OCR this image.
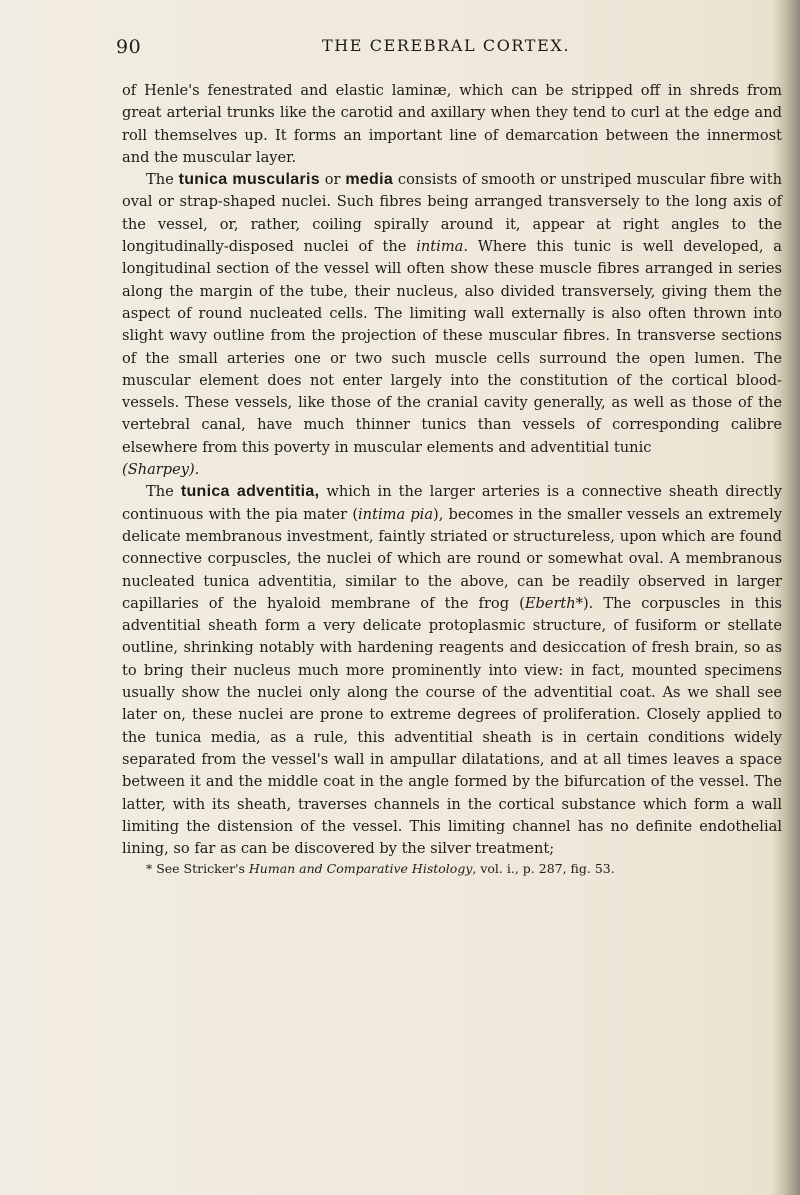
90	THE CEREBRAL CORTEX.

of Henle's fenestrated and elastic laminæ, which can be stripped off in shreds from great arterial trunks like the carotid and axillary when they tend to curl at the edge and roll themselves up. It forms an important line of demarcation between the innermost and the muscular layer.

The tunica muscularis or media consists of smooth or unstriped muscular fibre with oval or strap-shaped nuclei. Such fibres being arranged transversely to the long axis of the vessel, or, rather, coiling spirally around it, appear at right angles to the longitudinally-disposed nuclei of the intima. Where this tunic is well developed, a longitudinal section of the vessel will often show these muscle fibres arranged in series along the margin of the tube, their nucleus, also divided transversely, giving them the aspect of round nucleated cells. The limiting wall externally is also often thrown into slight wavy outline from the projection of these muscular fibres. In transverse sections of the small arteries one or two such muscle cells surround the open lumen. The muscular element does not enter largely into the constitution of the cortical blood-vessels. These vessels, like those of the cranial cavity generally, as well as those of the vertebral canal, have much thinner tunics than vessels of corresponding calibre elsewhere from this poverty in muscular elements and adventitial tunic
(Sharpey).

The tunica adventitia, which in the larger arteries is a connective sheath directly continuous with the pia mater (intima pia), becomes in the smaller vessels an extremely delicate membranous investment, faintly striated or structureless, upon which are found connective corpuscles, the nuclei of which are round or somewhat oval. A membranous nucleated tunica adventitia, similar to the above, can be readily observed in larger capillaries of the hyaloid membrane of the frog (Eberth*). The corpuscles in this adventitial sheath form a very delicate protoplasmic structure, of fusiform or stellate outline, shrinking notably with hardening reagents and desiccation of fresh brain, so as to bring their nucleus much more prominently into view: in fact, mounted specimens usually show the nuclei only along the course of the adventitial coat. As we shall see later on, these nuclei are prone to extreme degrees of proliferation. Closely applied to the tunica media, as a rule, this adventitial sheath is in certain conditions widely separated from the vessel's wall in ampullar dilatations, and at all times leaves a space between it and the middle coat in the angle formed by the bifurcation of the vessel. The latter, with its sheath, traverses channels in the cortical substance which form a wall limiting the distension of the vessel. This limiting channel has no definite endothelial lining, so far as can be discovered by the silver treatment;

* See Stricker's Human and Comparative Histology, vol. i., p. 287, fig. 53.
